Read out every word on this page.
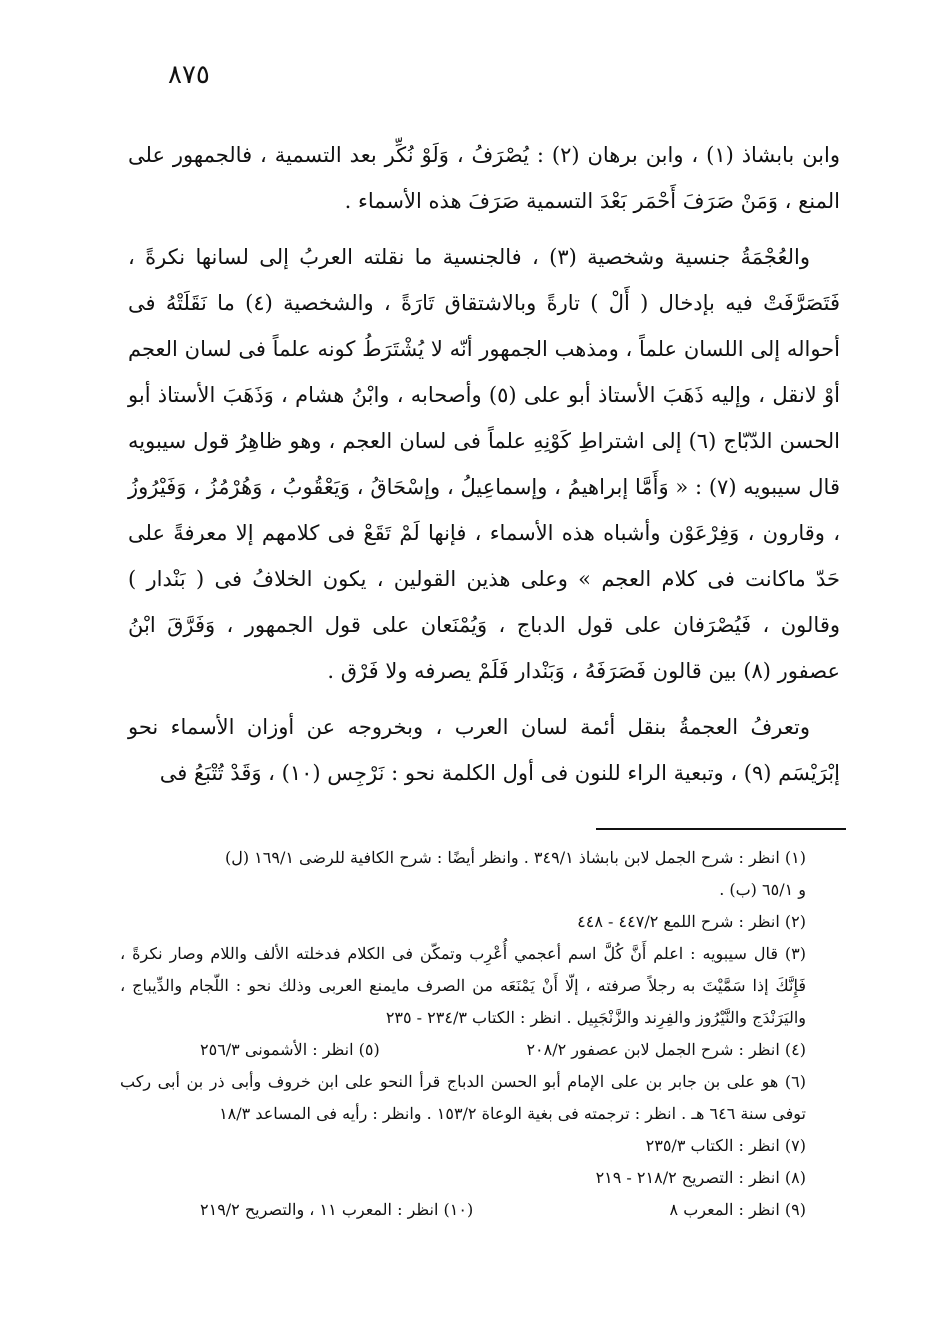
٨٧٥

وابن بابشاذ (١) ، وابن برهان (٢) : يُصْرَفُ ، وَلَوْ نُكِّر بعد التسمية ، فالجمهور على المنع ، وَمَنْ صَرَفَ أَحْمَر بَعْدَ التسمية صَرَفَ هذه الأسماء .

والعُجْمَةُ جنسية وشخصية (٣) ، فالجنسية ما نقلته العربُ إلى لسانها نكرةً ، فَتَصَرَّفَتْ فيه بإدخال ( أَلْ ) تارةً وبالاشتقاق تَارَةً ، والشخصية (٤) ما نَقَلَتْهُ فى أحواله إلى اللسان علماً ، ومذهب الجمهور أنّه لا يُشْتَرَطُ كونه علماً فى لسان العجم أوْ لانقل ، وإليه ذَهَبَ الأستاذ أبو على (٥) وأصحابه ، وابْنُ هشام ، وَذَهَبَ الأستاذ أبو الحسن الدّبّاج (٦) إلى اشتراطِ كَوْنِهِ علماً فى لسان العجم ، وهو ظاهِرُ قول سيبويه قال سيبويه (٧) : « وَأَمَّا إبراهيمُ ، وإسماعِيلُ ، وإسْحَاقُ ، وَيَعْقُوبُ ، وَهُرْمُزُ ، وَفَيْرُوزُ ، وقارون ، وَفِرْعَوْن وأشباه هذه الأسماء ، فإنها لَمْ تَقَعْ فى كلامهم إلا معرفةً على حَدّ ماكانت فى كلام العجم » وعلى هذين القولين ، يكون الخلافُ فى ( بَنْدار ) وقالون ، فَيُصْرَفان على قول الدباج ، وَيُمْنَعان على قول الجمهور ، وَفَرَّقَ ابْنُ عصفور (٨) بين قالون فَصَرَفَهُ ، وَبَنْدار فَلَمْ يصرفه ولا فَرْق .

وتعرفُ العجمةُ بنقل أئمة لسان العرب ، وبخروجه عن أوزان الأسماء نحو إبْرَيْسَم (٩) ، وتبعية الراء للنون فى أول الكلمة نحو : نَرْجِس (١٠) ، وَقَدْ تُتْبَعُ فى

(١) انظر : شرح الجمل لابن بابشاذ ٣٤٩/١ . وانظر أيضًا : شرح الكافية للرضى ١٦٩/١ (ل)

و ٦٥/١ (ب) .

(٢) انظر : شرح اللمع ٤٤٧/٢ - ٤٤٨

(٣) قال سيبويه : اعلم أَنَّ كُلَّ اسم أعجمي أُعْرِب وتمكّن فى الكلام فدخلته الألف واللام وصار نكرةً ، فَإِنَّكَ إذا سَمَّيْتَ به رجلاً صرفته ، إلّا أَنْ يَمْنَعَه من الصرف مايمنع العربى وذلك نحو : اللّجام والدِّيباج ، واليَرَنْدَج والنَّيْرُوز والفِرِند والزَّنْجَبِيل . انظر : الكتاب ٢٣٤/٣ - ٢٣٥

(٤) انظر : شرح الجمل لابن عصفور ٢٠٨/٢
(٥) انظر : الأشمونى ٢٥٦/٣

(٦) هو على بن جابر بن على الإمام أبو الحسن الدباج قرأ النحو على ابن خروف وأبى ذر بن أبى ركب توفى سنة ٦٤٦ هـ . انظر : ترجمته فى بغية الوعاة ١٥٣/٢ . وانظر : رأيه فى المساعد ١٨/٣

(٧) انظر : الكتاب ٢٣٥/٣

(٨) انظر : التصريح ٢١٨/٢ - ٢١٩

(٩) انظر : المعرب ٨
(١٠) انظر : المعرب ١١ ، والتصريح ٢١٩/٢
